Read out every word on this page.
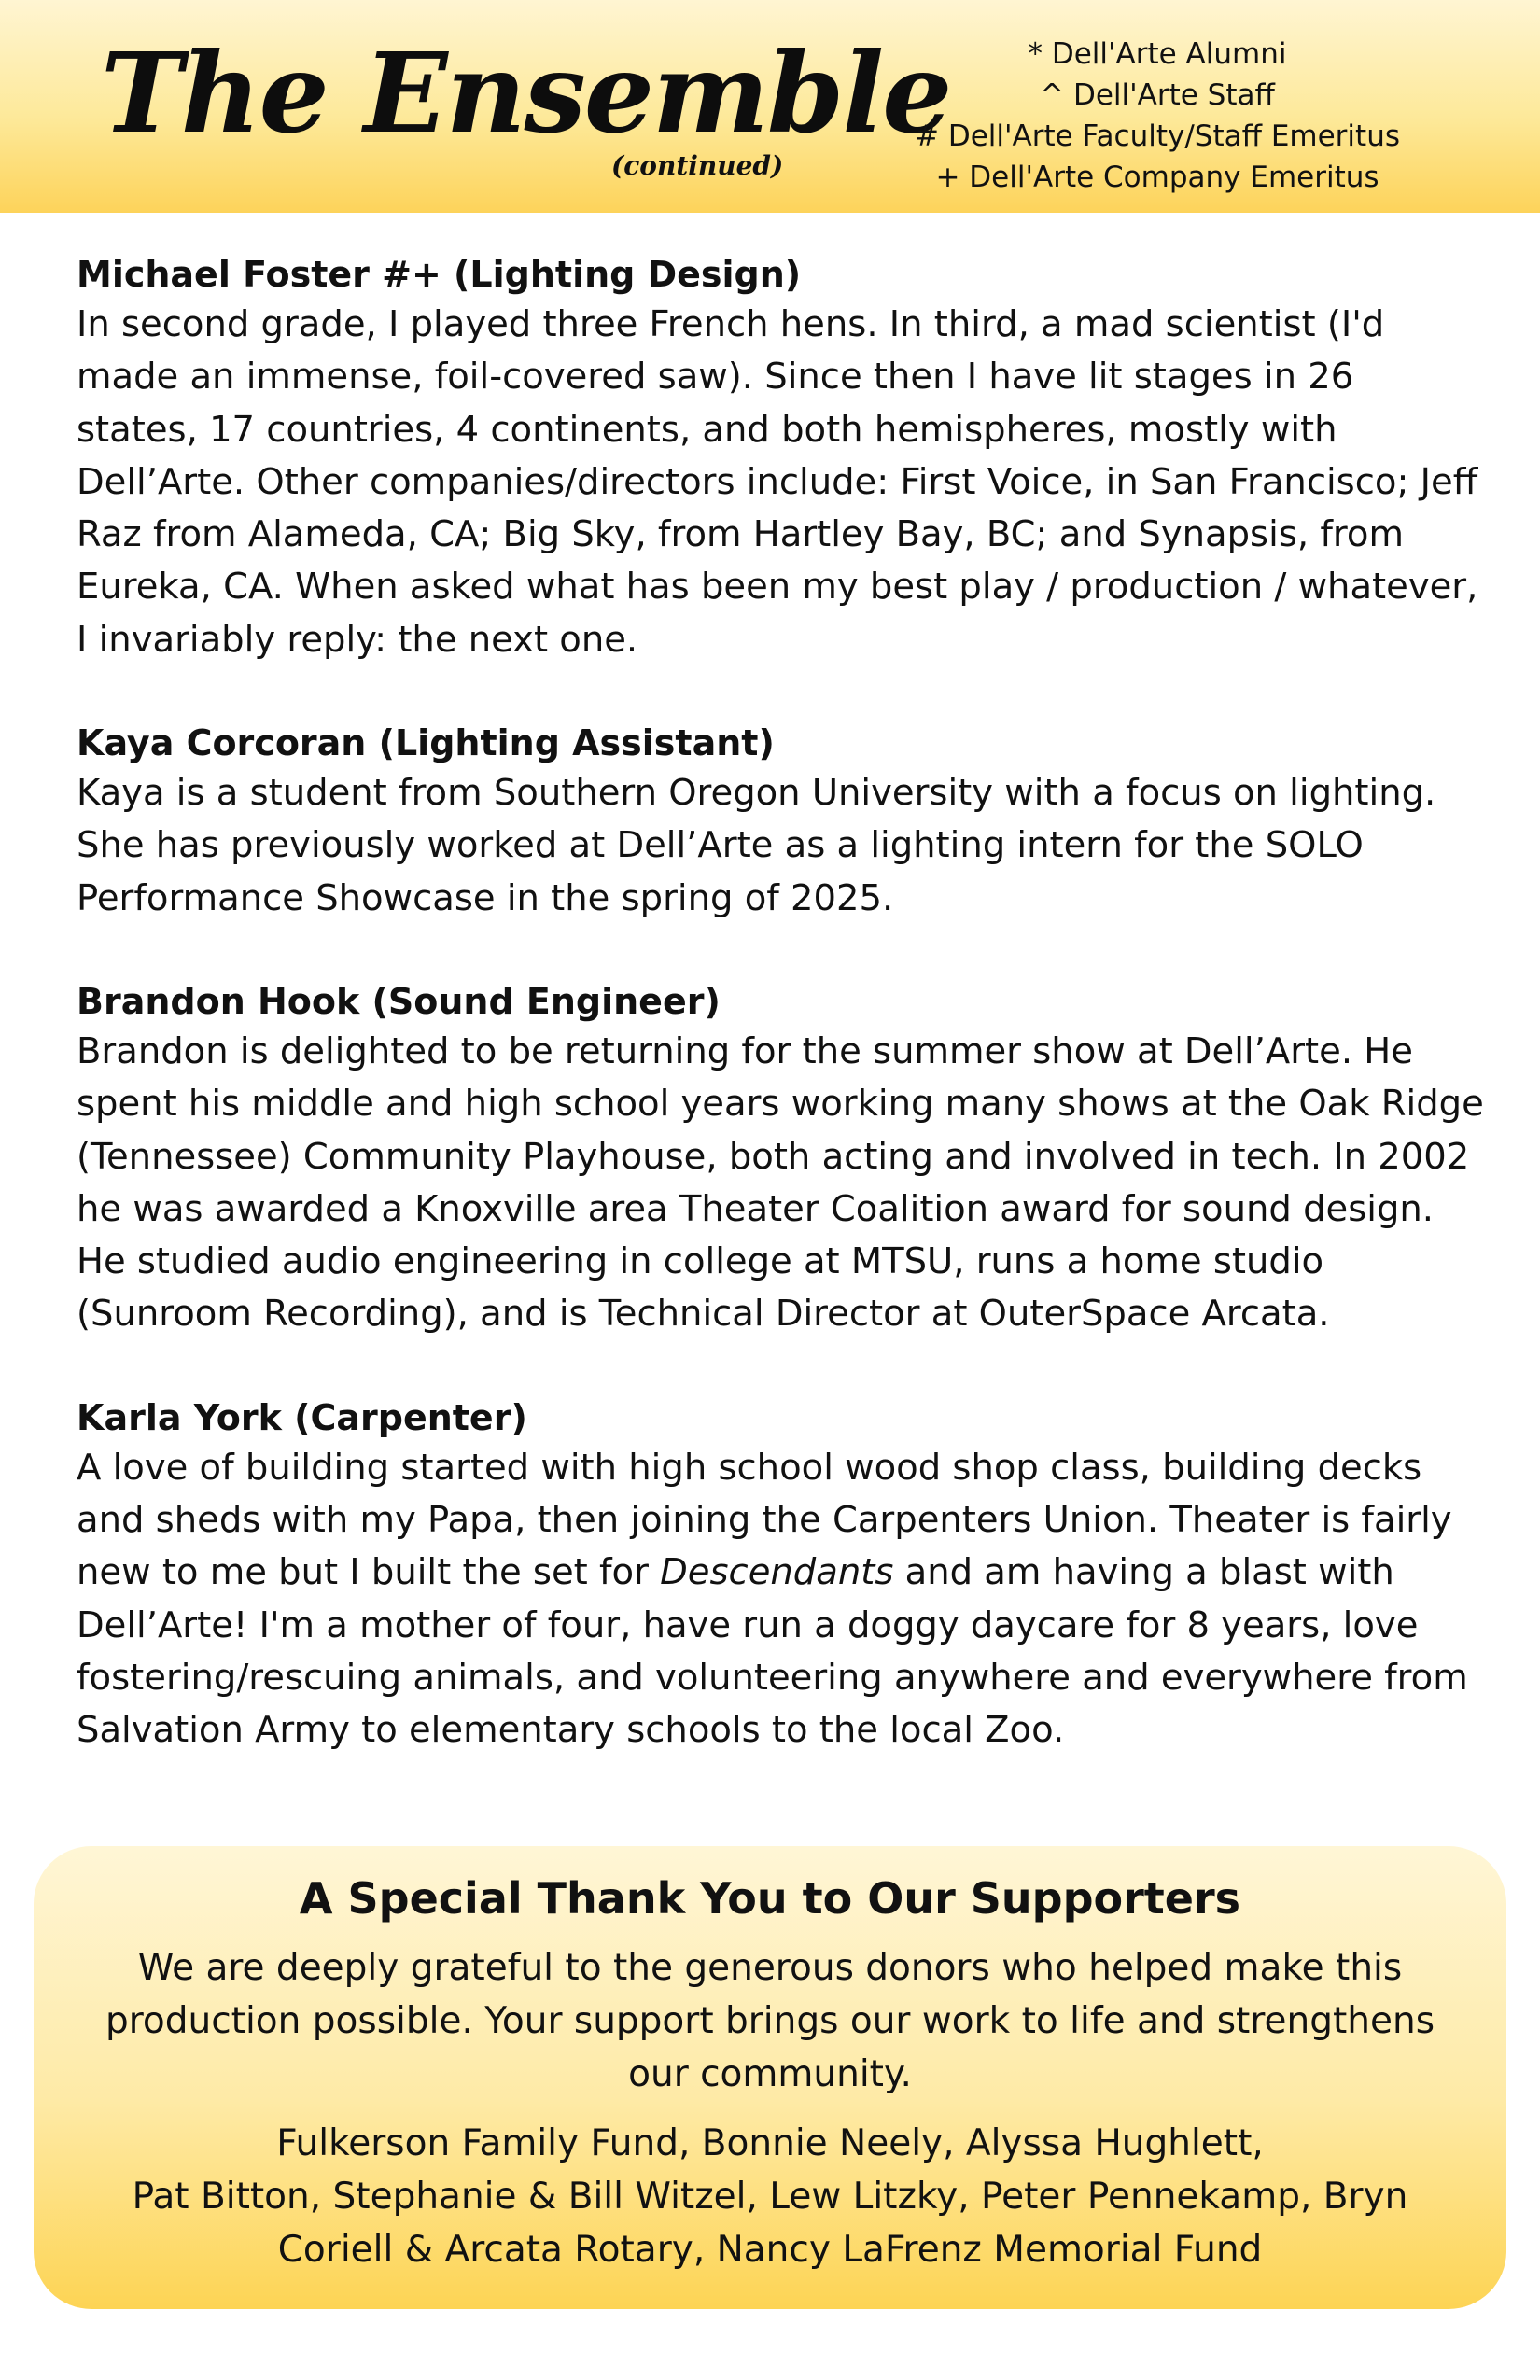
The Ensemble
(continued)
* Dell'Arte Alumni
^ Dell'Arte Staff
# Dell'Arte Faculty/Staff Emeritus
+ Dell'Arte Company Emeritus
Michael Foster #+ (Lighting Design)
In second grade, I played three French hens. In third, a mad scientist (I'd made an immense, foil-covered saw). Since then I have lit stages in 26 states, 17 countries, 4 continents, and both hemispheres, mostly with Dell’Arte. Other companies/directors include: First Voice, in San Francisco; Jeff Raz from Alameda, CA; Big Sky, from Hartley Bay, BC; and Synapsis, from Eureka, CA. When asked what has been my best play / production / whatever, I invariably reply: the next one.
Kaya Corcoran (Lighting Assistant)
Kaya is a student from Southern Oregon University with a focus on lighting. She has previously worked at Dell’Arte as a lighting intern for the SOLO Performance Showcase in the spring of 2025.
Brandon Hook (Sound Engineer)
Brandon is delighted to be returning for the summer show at Dell’Arte. He spent his middle and high school years working many shows at the Oak Ridge (Tennessee) Community Playhouse, both acting and involved in tech. In 2002 he was awarded a Knoxville area Theater Coalition award for sound design. He studied audio engineering in college at MTSU, runs a home studio (Sunroom Recording), and is Technical Director at OuterSpace Arcata.
Karla York (Carpenter)
A love of building started with high school wood shop class, building decks and sheds with my Papa, then joining the Carpenters Union. Theater is fairly new to me but I built the set for Descendants and am having a blast with Dell’Arte! I'm a mother of four, have run a doggy daycare for 8 years, love fostering/rescuing animals, and volunteering anywhere and everywhere from Salvation Army to elementary schools to the local Zoo.
A Special Thank You to Our Supporters
We are deeply grateful to the generous donors who helped make this production possible. Your support brings our work to life and strengthens our community.
Fulkerson Family Fund, Bonnie Neely, Alyssa Hughlett,
Pat Bitton, Stephanie & Bill Witzel, Lew Litzky, Peter Pennekamp, Bryn
Coriell & Arcata Rotary, Nancy LaFrenz Memorial Fund
